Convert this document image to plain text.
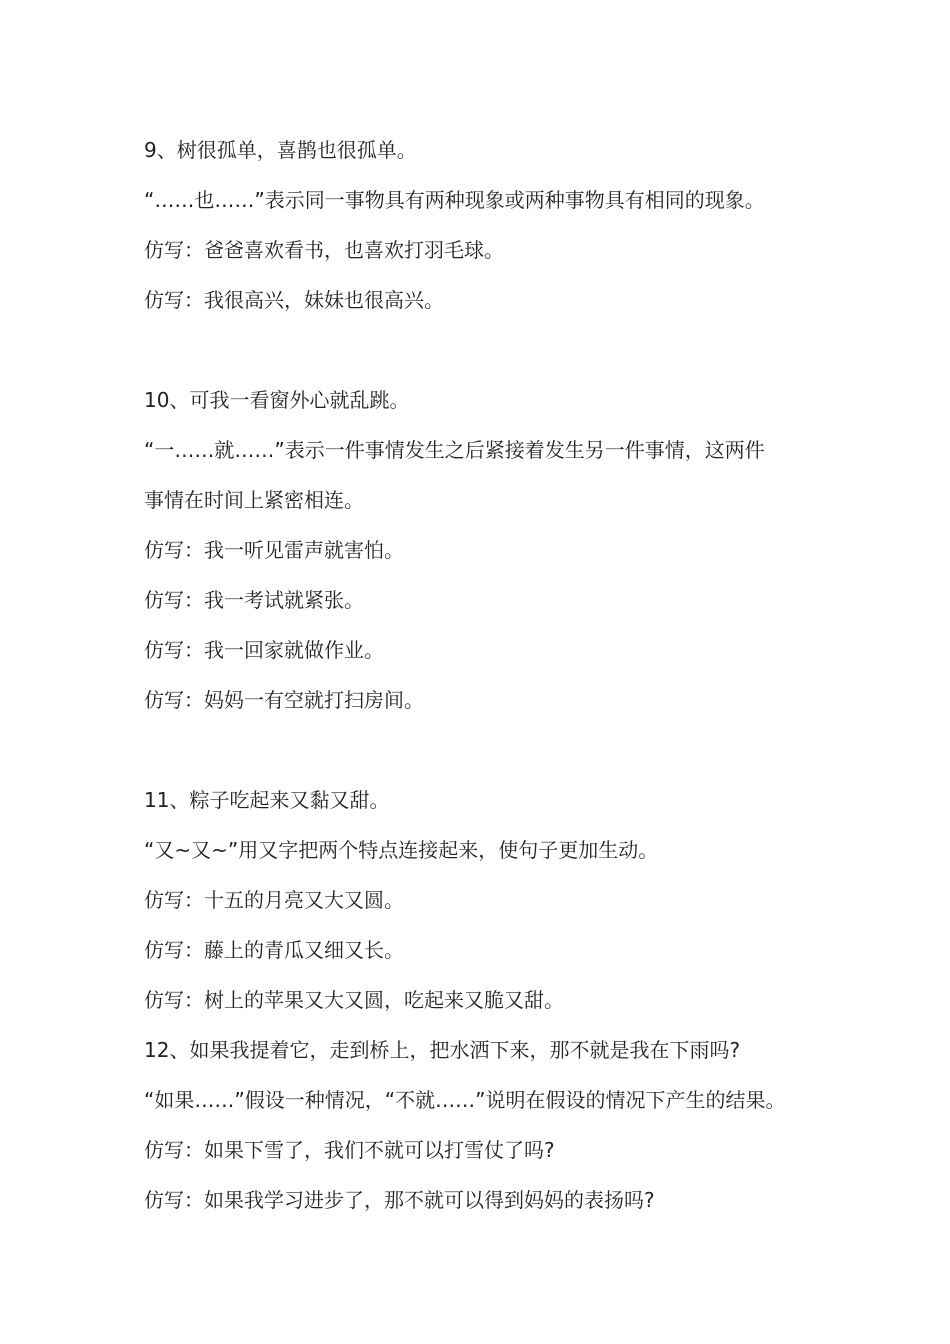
9、树很孤单，喜鹊也很孤单。
“……也……”表示同一事物具有两种现象或两种事物具有相同的现象。
仿写：爸爸喜欢看书，也喜欢打羽毛球。
仿写：我很高兴，妹妹也很高兴。
10、可我一看窗外心就乱跳。
“一……就……”表示一件事情发生之后紧接着发生另一件事情，这两件
事情在时间上紧密相连。
仿写：我一听见雷声就害怕。
仿写：我一考试就紧张。
仿写：我一回家就做作业。
仿写：妈妈一有空就打扫房间。
11、粽子吃起来又黏又甜。
“又~又~”用又字把两个特点连接起来，使句子更加生动。
仿写：十五的月亮又大又圆。
仿写：藤上的青瓜又细又长。
仿写：树上的苹果又大又圆，吃起来又脆又甜。
12、如果我提着它，走到桥上，把水洒下来，那不就是我在下雨吗?
“如果……”假设一种情况，“不就……”说明在假设的情况下产生的结果。
仿写：如果下雪了，我们不就可以打雪仗了吗?
仿写：如果我学习进步了，那不就可以得到妈妈的表扬吗?
